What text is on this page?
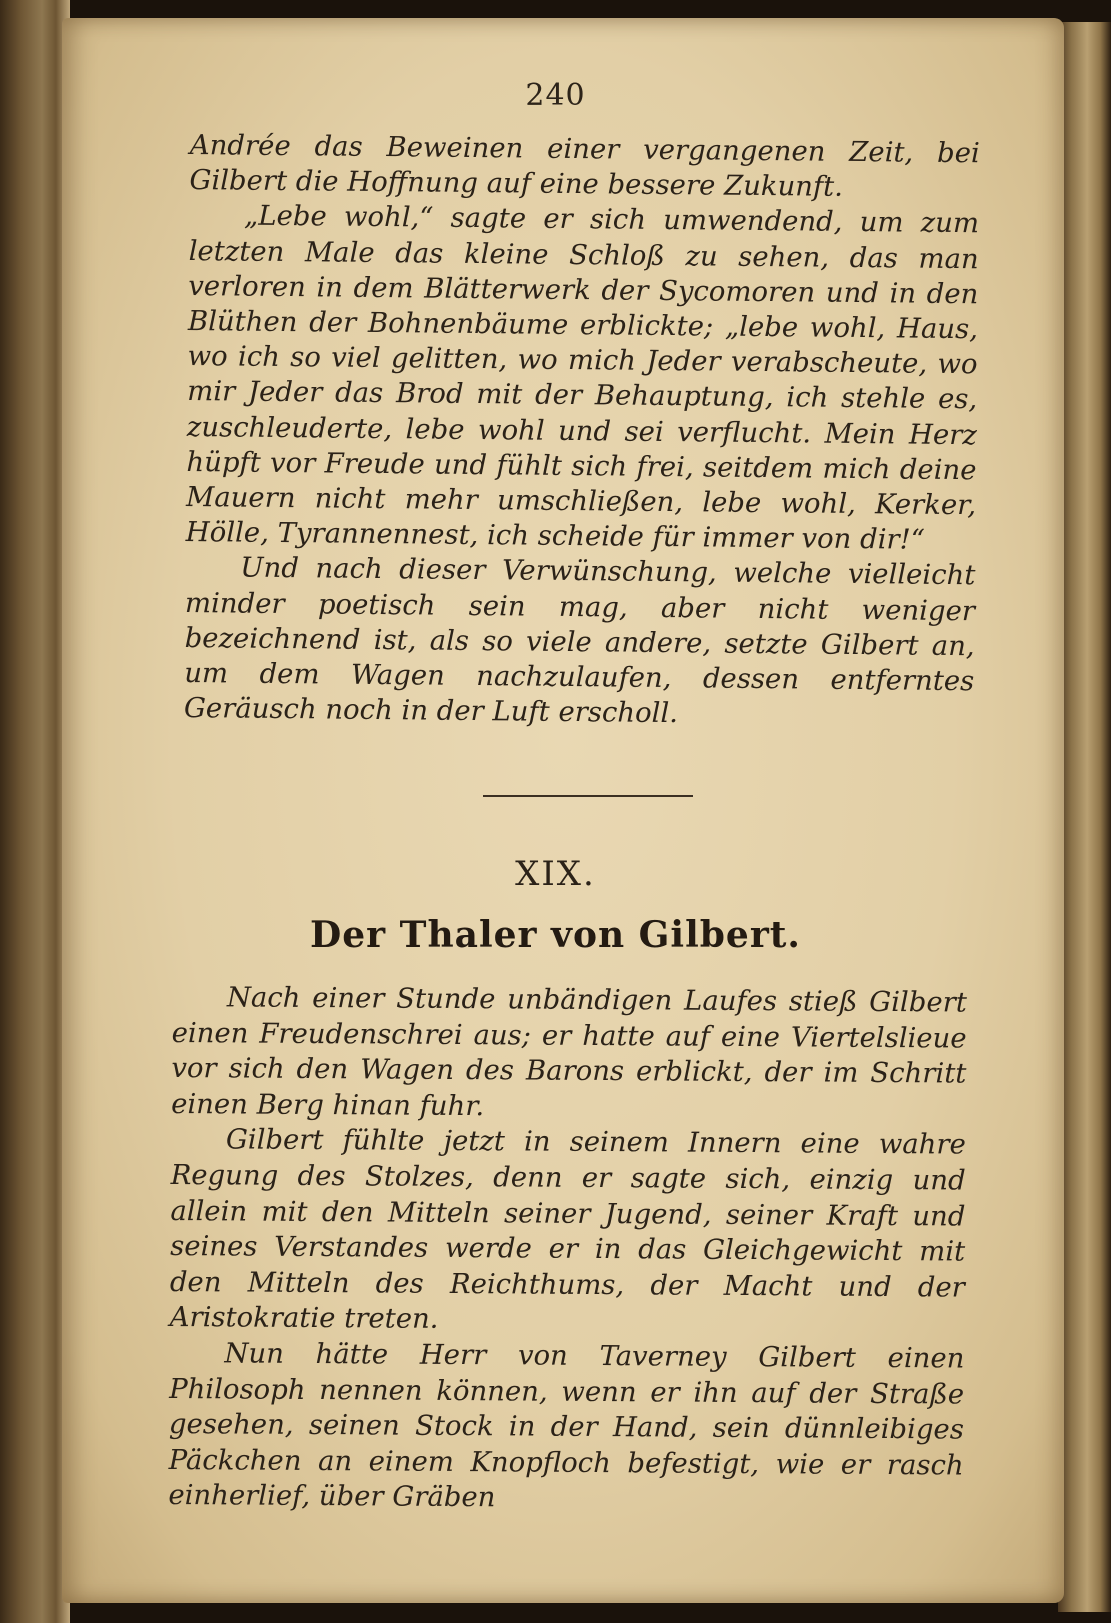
240

Andrée das Beweinen einer vergangenen Zeit, bei Gilbert die Hoffnung auf eine bessere Zukunft.

„Lebe wohl,“ sagte er sich umwendend, um zum letzten Male das kleine Schloß zu sehen, das man verloren in dem Blätterwerk der Sycomoren und in den Blüthen der Bohnenbäume erblickte; „lebe wohl, Haus, wo ich so viel gelitten, wo mich Jeder verabscheute, wo mir Jeder das Brod mit der Behauptung, ich stehle es, zuschleuderte, lebe wohl und sei verflucht. Mein Herz hüpft vor Freude und fühlt sich frei, seitdem mich deine Mauern nicht mehr umschließen, lebe wohl, Kerker, Hölle, Tyrannennest, ich scheide für immer von dir!“

Und nach dieser Verwünschung, welche vielleicht minder poetisch sein mag, aber nicht weniger bezeichnend ist, als so viele andere, setzte Gilbert an, um dem Wagen nachzulaufen, dessen entferntes Geräusch noch in der Luft erscholl.

XIX.
Der Thaler von Gilbert.

Nach einer Stunde unbändigen Laufes stieß Gilbert einen Freudenschrei aus; er hatte auf eine Viertelslieue vor sich den Wagen des Barons erblickt, der im Schritt einen Berg hinan fuhr.

Gilbert fühlte jetzt in seinem Innern eine wahre Regung des Stolzes, denn er sagte sich, einzig und allein mit den Mitteln seiner Jugend, seiner Kraft und seines Verstandes werde er in das Gleichgewicht mit den Mitteln des Reichthums, der Macht und der Aristokratie treten.

Nun hätte Herr von Taverney Gilbert einen Philosoph nennen können, wenn er ihn auf der Straße gesehen, seinen Stock in der Hand, sein dünnleibiges Päckchen an einem Knopfloch befestigt, wie er rasch einherlief, über Gräben
